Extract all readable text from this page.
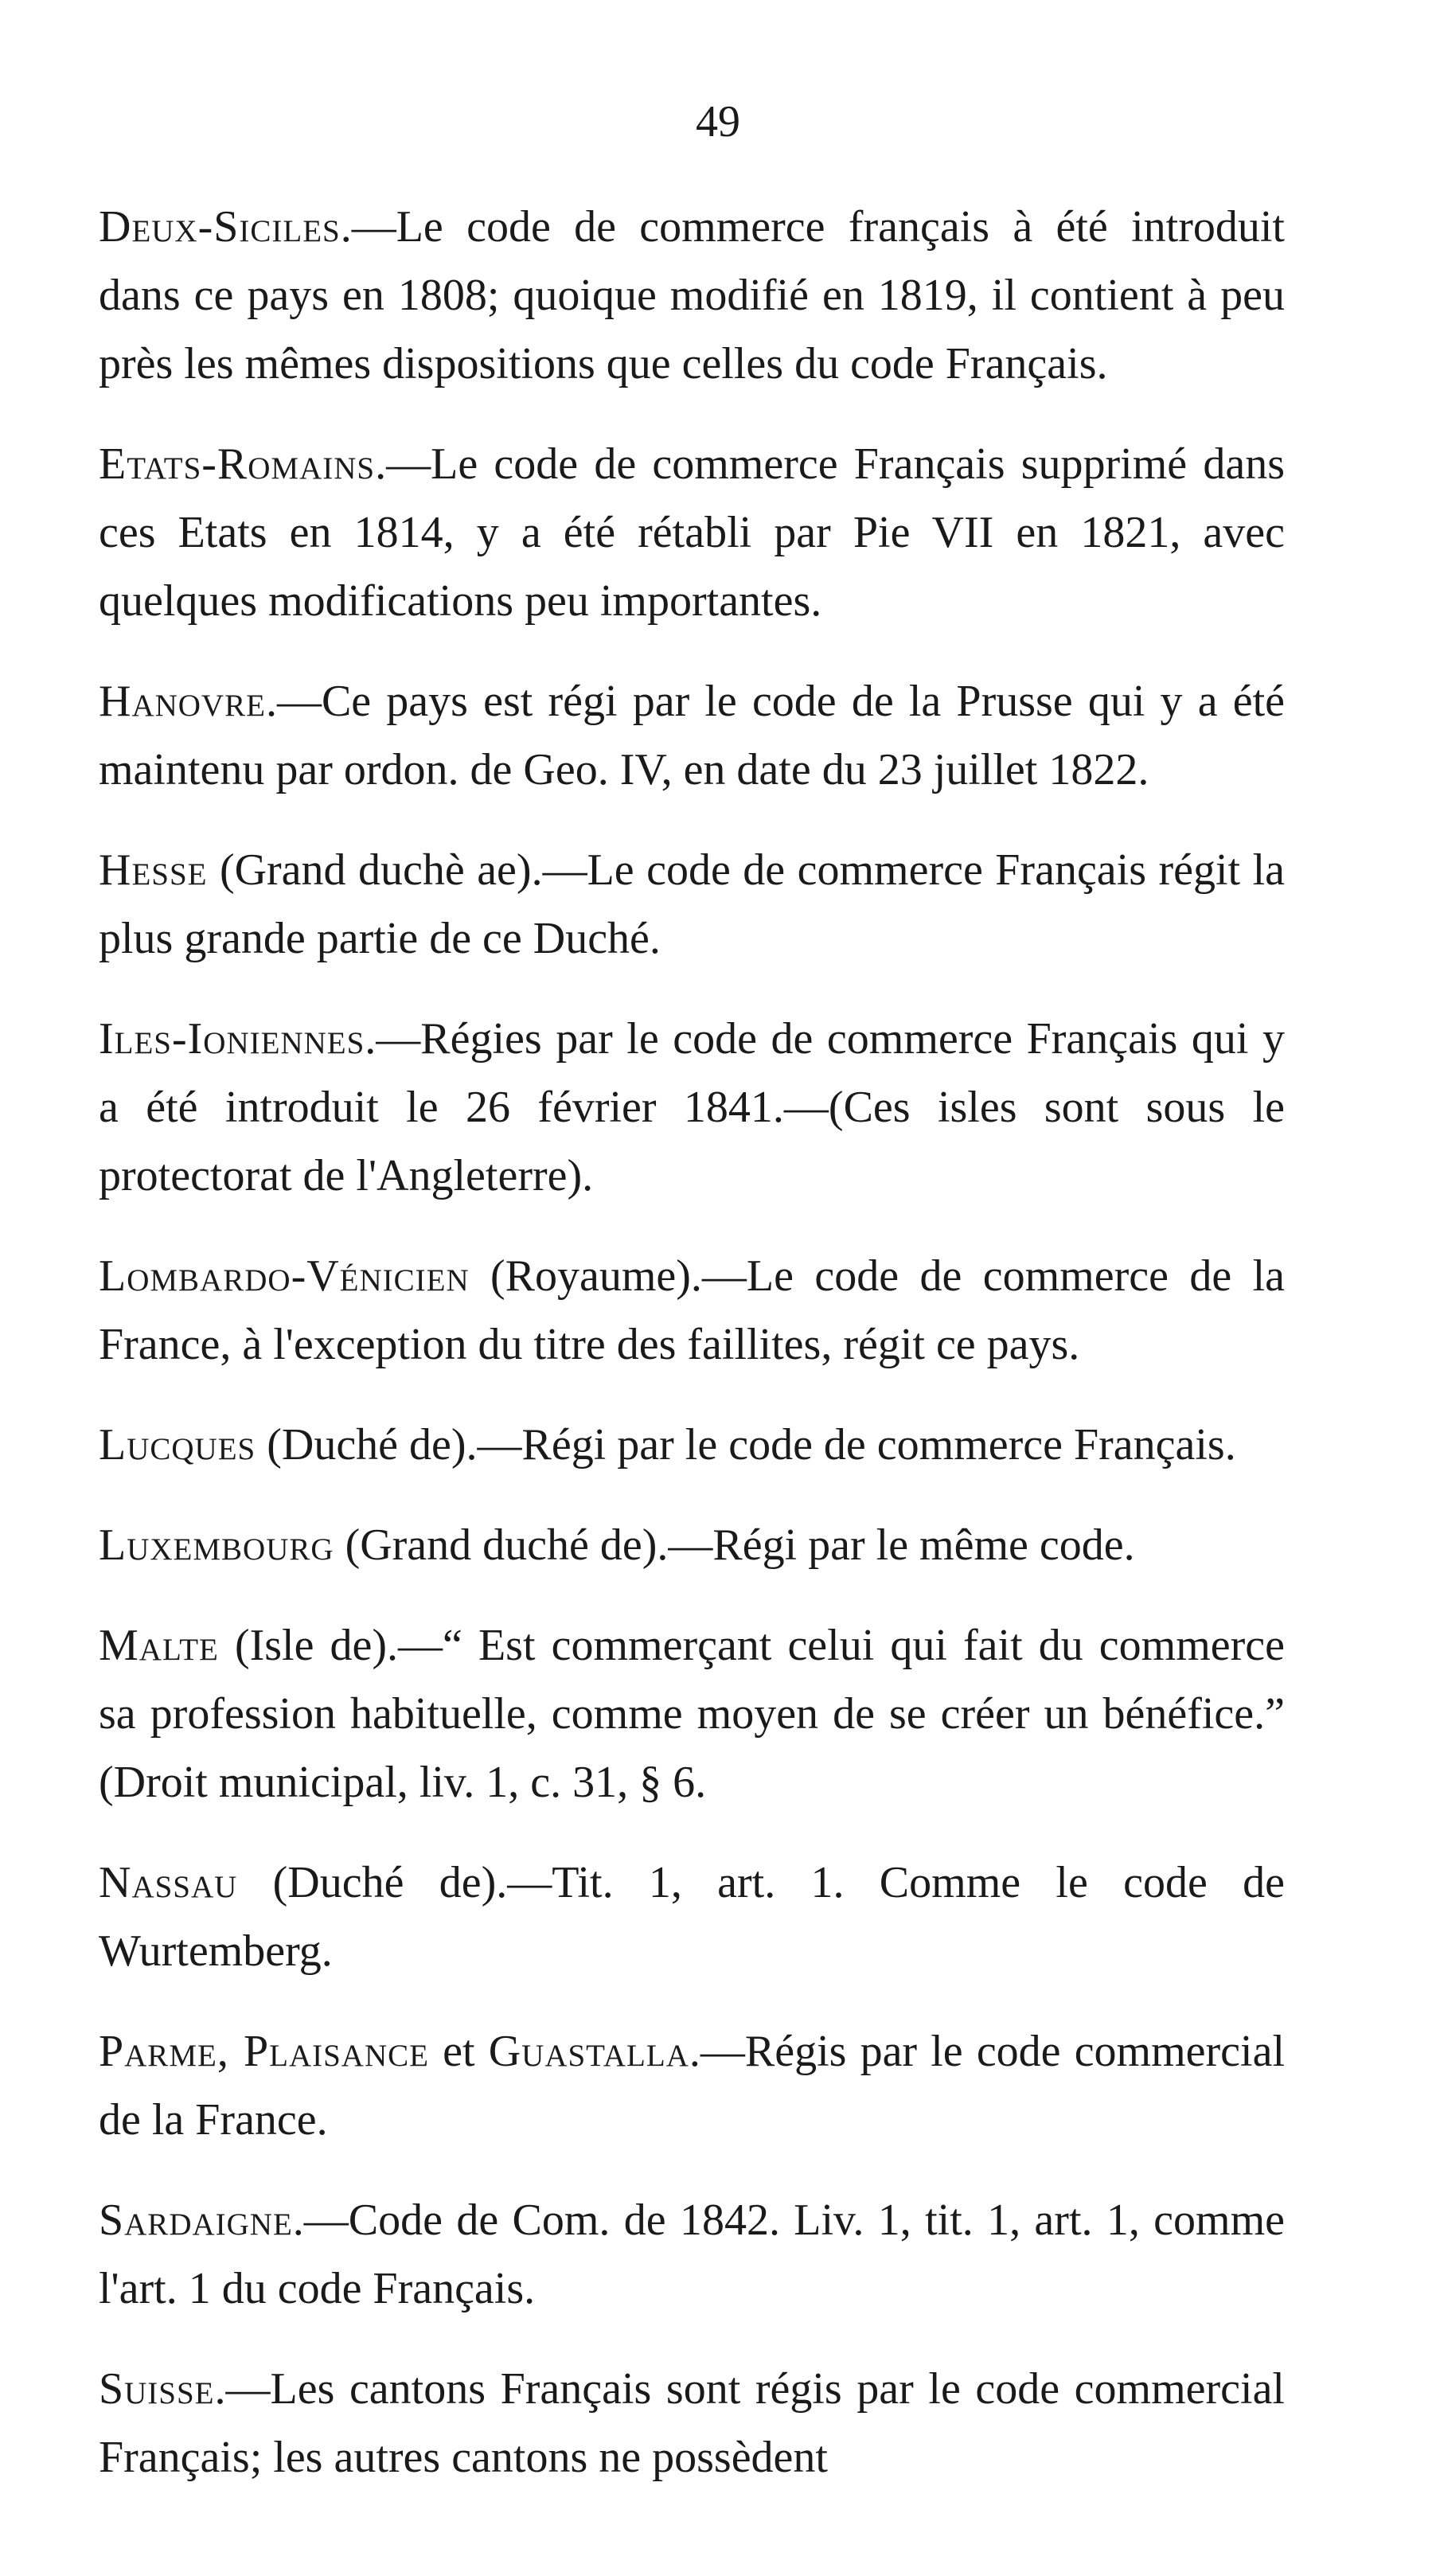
49

Deux-Siciles.—Le code de commerce français à été introduit dans ce pays en 1808; quoique modifié en 1819, il contient à peu près les mêmes dispositions que celles du code Français.

Etats-Romains.—Le code de commerce Français supprimé dans ces Etats en 1814, y a été rétabli par Pie VII en 1821, avec quelques modifications peu importantes.

Hanovre.—Ce pays est régi par le code de la Prusse qui y a été maintenu par ordon. de Geo. IV, en date du 23 juillet 1822.

Hesse (Grand duchè ae).—Le code de commerce Français régit la plus grande partie de ce Duché.

Iles-Ioniennes.—Régies par le code de commerce Français qui y a été introduit le 26 février 1841.—(Ces isles sont sous le protectorat de l'Angleterre).

Lombardo-Vénicien (Royaume).—Le code de commerce de la France, à l'exception du titre des faillites, régit ce pays.

Lucques (Duché de).—Régi par le code de commerce Français.

Luxembourg (Grand duché de).—Régi par le même code.

Malte (Isle de).—“ Est commerçant celui qui fait du commerce sa profession habituelle, comme moyen de se créer un bénéfice.” (Droit municipal, liv. 1, c. 31, § 6.

Nassau (Duché de).—Tit. 1, art. 1. Comme le code de Wurtemberg.

Parme, Plaisance et Guastalla.—Régis par le code commercial de la France.

Sardaigne.—Code de Com. de 1842. Liv. 1, tit. 1, art. 1, comme l'art. 1 du code Français.

Suisse.—Les cantons Français sont régis par le code commercial Français; les autres cantons ne possèdent
